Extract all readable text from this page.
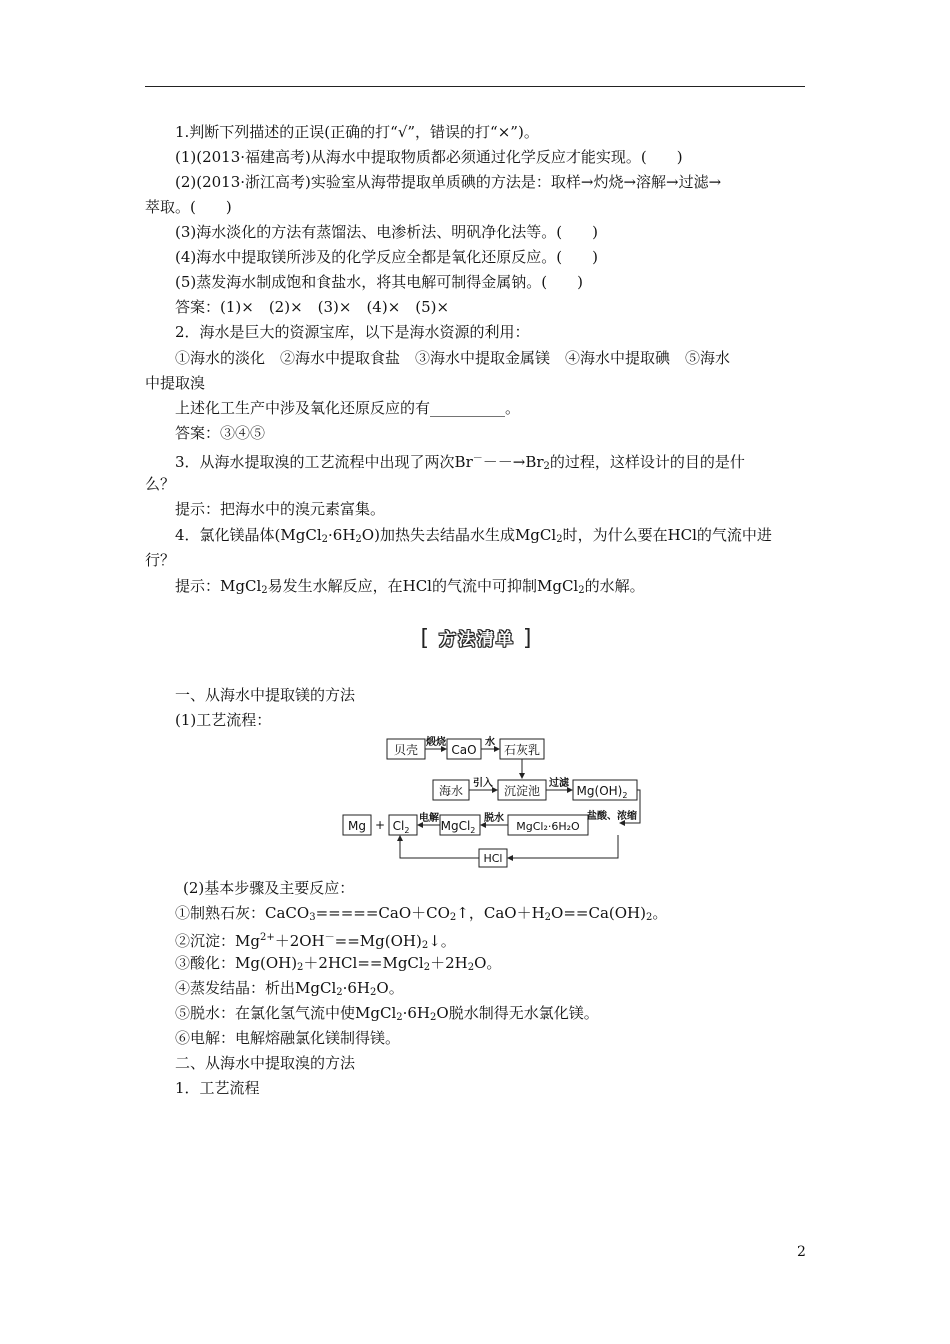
1.判断下列描述的正误(正确的打“√”，错误的打“×”)。
(1)(2013·福建高考)从海水中提取物质都必须通过化学反应才能实现。(　　)
(2)(2013·浙江高考)实验室从海带提取单质碘的方法是：取样→灼烧→溶解→过滤→
萃取。(　　)
(3)海水淡化的方法有蒸馏法、电渗析法、明矾净化法等。(　　)
(4)海水中提取镁所涉及的化学反应全都是氧化还原反应。(　　)
(5)蒸发海水制成饱和食盐水，将其电解可制得金属钠。(　　)
答案：(1)×　(2)×　(3)×　(4)×　(5)×
2．海水是巨大的资源宝库，以下是海水资源的利用：
①海水的淡化　②海水中提取食盐　③海水中提取金属镁　④海水中提取碘　⑤海水
中提取溴
上述化工生产中涉及氧化还原反应的有__________。
答案：③④⑤
3．从海水提取溴的工艺流程中出现了两次$Br^---\to Br_2$的过程，这样设计的目的是什
么？
提示：把海水中的溴元素富集。
4．氯化镁晶体$(MgCl_2\cdot 6H_2O)$加热失去结晶水生成MgCl$_2$时，为什么要在HCl的气流中进
行？
提示：MgCl$_2$易发生水解反应，在HCl的气流中可抑制MgCl$_2$的水解。
[ 方法清单 ]
一、从海水中提取镁的方法
(1)工艺流程：
贝壳	CaO 石灰乳
海水	沉淀池	$Mg(OH)_2$
$Mg + Cl_2$	MgCl$_2$	MgCl₂·6H₂O
HCl
煅烧	水
引入	过滤
盐酸、浓缩
脱水
电解
(2)基本步骤及主要反应：
①制熟石灰：$CaCO_3=====CaO+CO_2↑$，$CaO+H_2O==Ca(OH)_2$。
②沉淀：$Mg^{2+}+2OH^-==Mg(OH)_2↓$。
③酸化：$Mg(OH)_2+2HCl==MgCl_2+2H_2O$。
④蒸发结晶：析出$MgCl_2\cdot 6H_2O$。
⑤脱水：在氯化氢气流中使$MgCl_2\cdot 6H_2O$脱水制得无水氯化镁。
⑥电解：电解熔融氯化镁制得镁。
二、从海水中提取溴的方法
1．工艺流程
2
